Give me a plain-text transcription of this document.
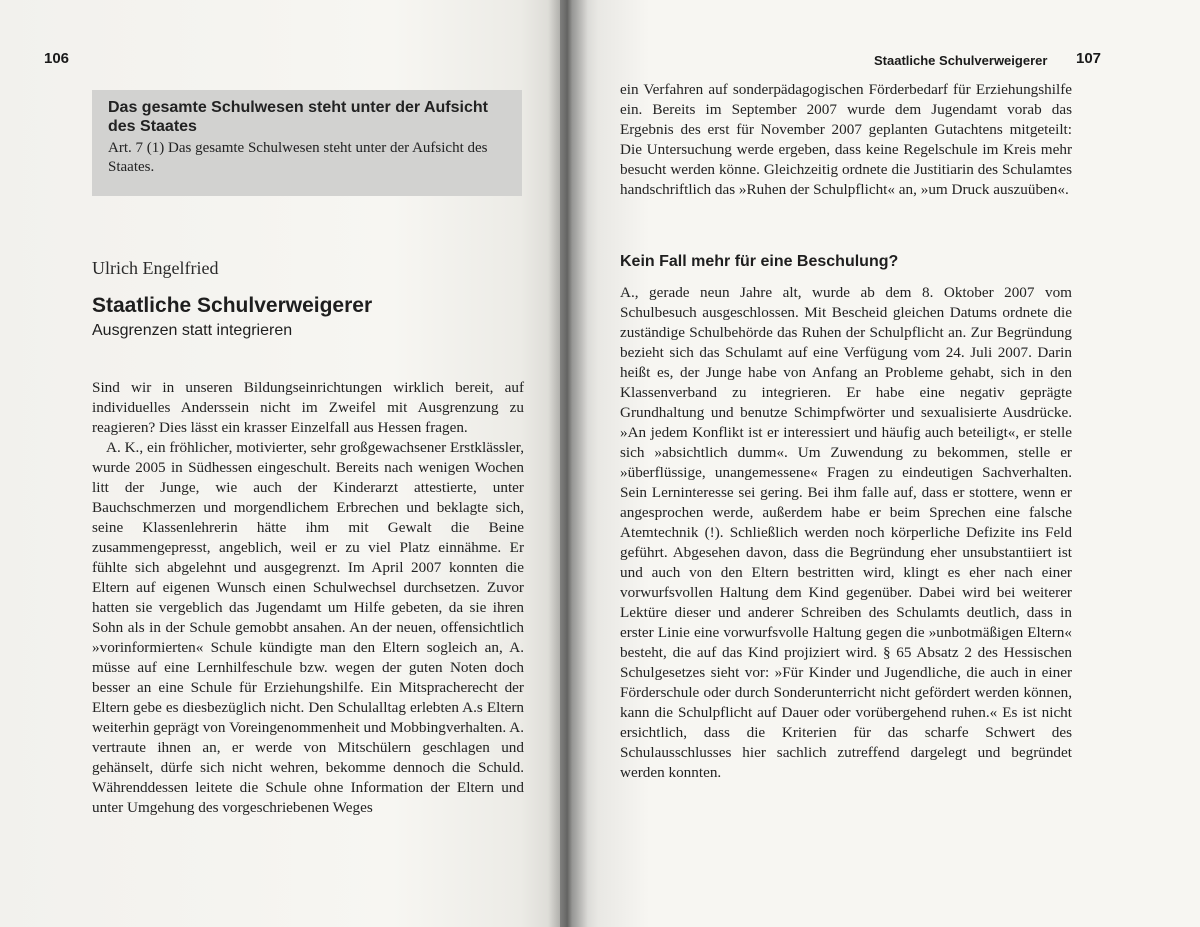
106
Das gesamte Schulwesen steht unter der Aufsicht des Staates
Art. 7 (1) Das gesamte Schulwesen steht unter der Aufsicht des Staates.
Ulrich Engelfried
Staatliche Schulverweigerer
Ausgrenzen statt integrieren

Sind wir in unseren Bildungseinrichtungen wirklich bereit, auf individuelles Anderssein nicht im Zweifel mit Ausgrenzung zu reagieren? Dies lässt ein krasser Einzelfall aus Hessen fragen.

A. K., ein fröhlicher, motivierter, sehr großgewachsener Erstklässler, wurde 2005 in Südhessen eingeschult. Bereits nach wenigen Wochen litt der Junge, wie auch der Kinderarzt attestierte, unter Bauchschmerzen und morgendlichem Erbrechen und beklagte sich, seine Klassenlehrerin hätte ihm mit Gewalt die Beine zusammengepresst, angeblich, weil er zu viel Platz einnähme. Er fühlte sich abgelehnt und ausgegrenzt. Im April 2007 konnten die Eltern auf eigenen Wunsch einen Schulwechsel durchsetzen. Zuvor hatten sie vergeblich das Jugendamt um Hilfe gebeten, da sie ihren Sohn als in der Schule gemobbt ansahen. An der neuen, offensichtlich »vorinformierten« Schule kündigte man den Eltern sogleich an, A. müsse auf eine Lernhilfeschule bzw. wegen der guten Noten doch besser an eine Schule für Erziehungshilfe. Ein Mitspracherecht der Eltern gebe es diesbezüglich nicht. Den Schulalltag erlebten A.s Eltern weiterhin geprägt von Voreingenommenheit und Mobbingverhalten. A. vertraute ihnen an, er werde von Mitschülern geschlagen und gehänselt, dürfe sich nicht wehren, bekomme dennoch die Schuld. Währenddessen leitete die Schule ohne Information der Eltern und unter Umgehung des vorgeschriebenen Weges

Staatliche Schulverweigerer 107

ein Verfahren auf sonderpädagogischen Förderbedarf für Erziehungshilfe ein. Bereits im September 2007 wurde dem Jugendamt vorab das Ergebnis des erst für November 2007 geplanten Gutachtens mitgeteilt: Die Untersuchung werde ergeben, dass keine Regelschule im Kreis mehr besucht werden könne. Gleichzeitig ordnete die Justitiarin des Schulamtes handschriftlich das »Ruhen der Schulpflicht« an, »um Druck auszuüben«.

Kein Fall mehr für eine Beschulung?

A., gerade neun Jahre alt, wurde ab dem 8. Oktober 2007 vom Schulbesuch ausgeschlossen. Mit Bescheid gleichen Datums ordnete die zuständige Schulbehörde das Ruhen der Schulpflicht an. Zur Begründung bezieht sich das Schulamt auf eine Verfügung vom 24. Juli 2007. Darin heißt es, der Junge habe von Anfang an Probleme gehabt, sich in den Klassenverband zu integrieren. Er habe eine negativ geprägte Grundhaltung und benutze Schimpfwörter und sexualisierte Ausdrücke. »An jedem Konflikt ist er interessiert und häufig auch beteiligt«, er stelle sich »absichtlich dumm«. Um Zuwendung zu bekommen, stelle er »überflüssige, unangemessene« Fragen zu eindeutigen Sachverhalten. Sein Lerninteresse sei gering. Bei ihm falle auf, dass er stottere, wenn er angesprochen werde, außerdem habe er beim Sprechen eine falsche Atemtechnik (!). Schließlich werden noch körperliche Defizite ins Feld geführt. Abgesehen davon, dass die Begründung eher unsubstantiiert ist und auch von den Eltern bestritten wird, klingt es eher nach einer vorwurfsvollen Haltung dem Kind gegenüber. Dabei wird bei weiterer Lektüre dieser und anderer Schreiben des Schulamts deutlich, dass in erster Linie eine vorwurfsvolle Haltung gegen die »unbotmäßigen Eltern« besteht, die auf das Kind projiziert wird. § 65 Absatz 2 des Hessischen Schulgesetzes sieht vor: »Für Kinder und Jugendliche, die auch in einer Förderschule oder durch Sonderunterricht nicht gefördert werden können, kann die Schulpflicht auf Dauer oder vorübergehend ruhen.« Es ist nicht ersichtlich, dass die Kriterien für das scharfe Schwert des Schulausschlusses hier sachlich zutreffend dargelegt und begründet werden konnten.
